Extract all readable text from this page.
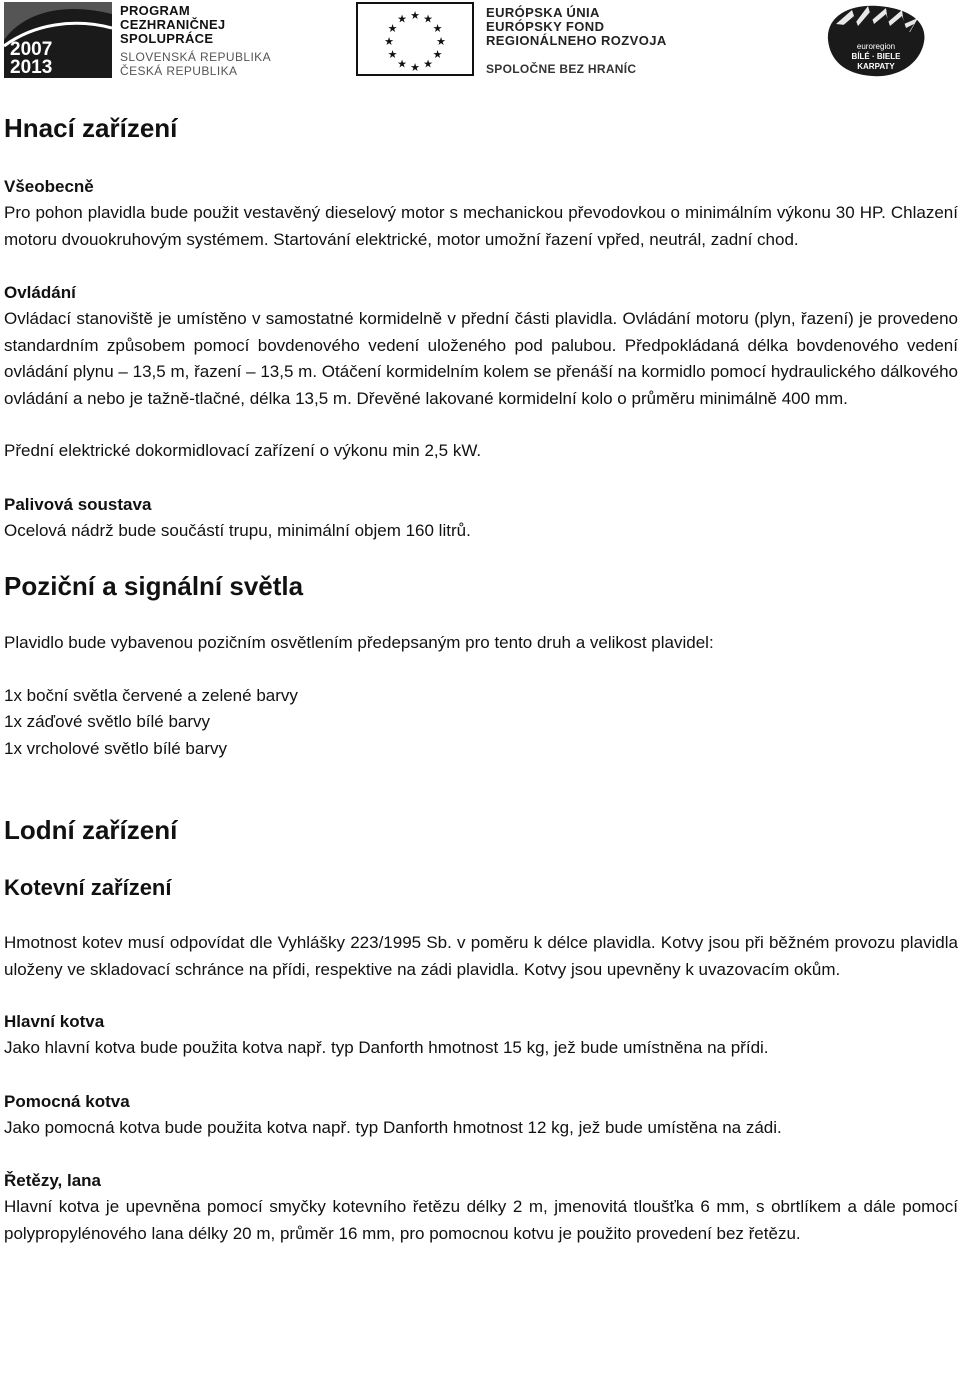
2007
2013
PROGRAM
CEZHRANIČNEJ
SPOLUPRÁCE
SLOVENSKÁ REPUBLIKA
ČESKÁ REPUBLIKA
★ ★
★
★
★
★
★
★
★
★
★
★	EURÓPSKA ÚNIA
EURÓPSKY FOND
REGIONÁLNEHO ROZVOJA
SPOLOČNE BEZ HRANÍC
euroregion
BÍLÉ · BIELE
KARPATY
Hnací zařízení
Všeobecně

Pro pohon plavidla bude použit vestavěný dieselový motor s mechanickou převodovkou o minimálním výkonu 30 HP. Chlazení motoru dvouokruhovým systémem. Startování elektrické, motor umožní řazení vpřed, neutrál, zadní chod.

Ovládání

Ovládací stanoviště je umístěno v samostatné kormidelně v přední části plavidla. Ovládání motoru (plyn, řazení) je provedeno standardním způsobem pomocí bovdenového vedení uloženého pod palubou. Předpokládaná délka bovdenového vedení ovládání plynu – 13,5 m, řazení – 13,5 m. Otáčení kormidelním kolem se přenáší na kormidlo pomocí hydraulického dálkového ovládání a nebo je tažně-tlačné, délka 13,5 m. Dřevěné lakované kormidelní kolo o průměru minimálně 400 mm.

Přední elektrické dokormidlovací zařízení o výkonu min 2,5 kW.

Palivová soustava

Ocelová nádrž bude součástí trupu, minimální objem 160 litrů.

Poziční a signální světla

Plavidlo bude vybavenou pozičním osvětlením předepsaným pro tento druh a velikost plavidel:

1x boční světla červené a zelené barvy
1x záďové světlo bílé barvy
1x vrcholové světlo bílé barvy
Lodní zařízení
Kotevní zařízení

Hmotnost kotev musí odpovídat dle Vyhlášky 223/1995 Sb. v poměru k délce plavidla. Kotvy jsou při běžném provozu plavidla uloženy ve skladovací schránce na přídi, respektive na zádi plavidla. Kotvy jsou upevněny k uvazovacím okům.

Hlavní kotva

Jako hlavní kotva bude použita kotva např. typ Danforth hmotnost 15 kg, jež bude umístněna na přídi.

Pomocná kotva

Jako pomocná kotva bude použita kotva např. typ Danforth hmotnost 12 kg, jež bude umístěna na zádi.

Řetězy, lana

Hlavní kotva je upevněna pomocí smyčky kotevního řetězu délky 2 m, jmenovitá tloušťka 6 mm, s obrtlíkem a dále pomocí polypropylénového lana délky 20 m, průměr 16 mm, pro pomocnou kotvu je použito provedení bez řetězu.
